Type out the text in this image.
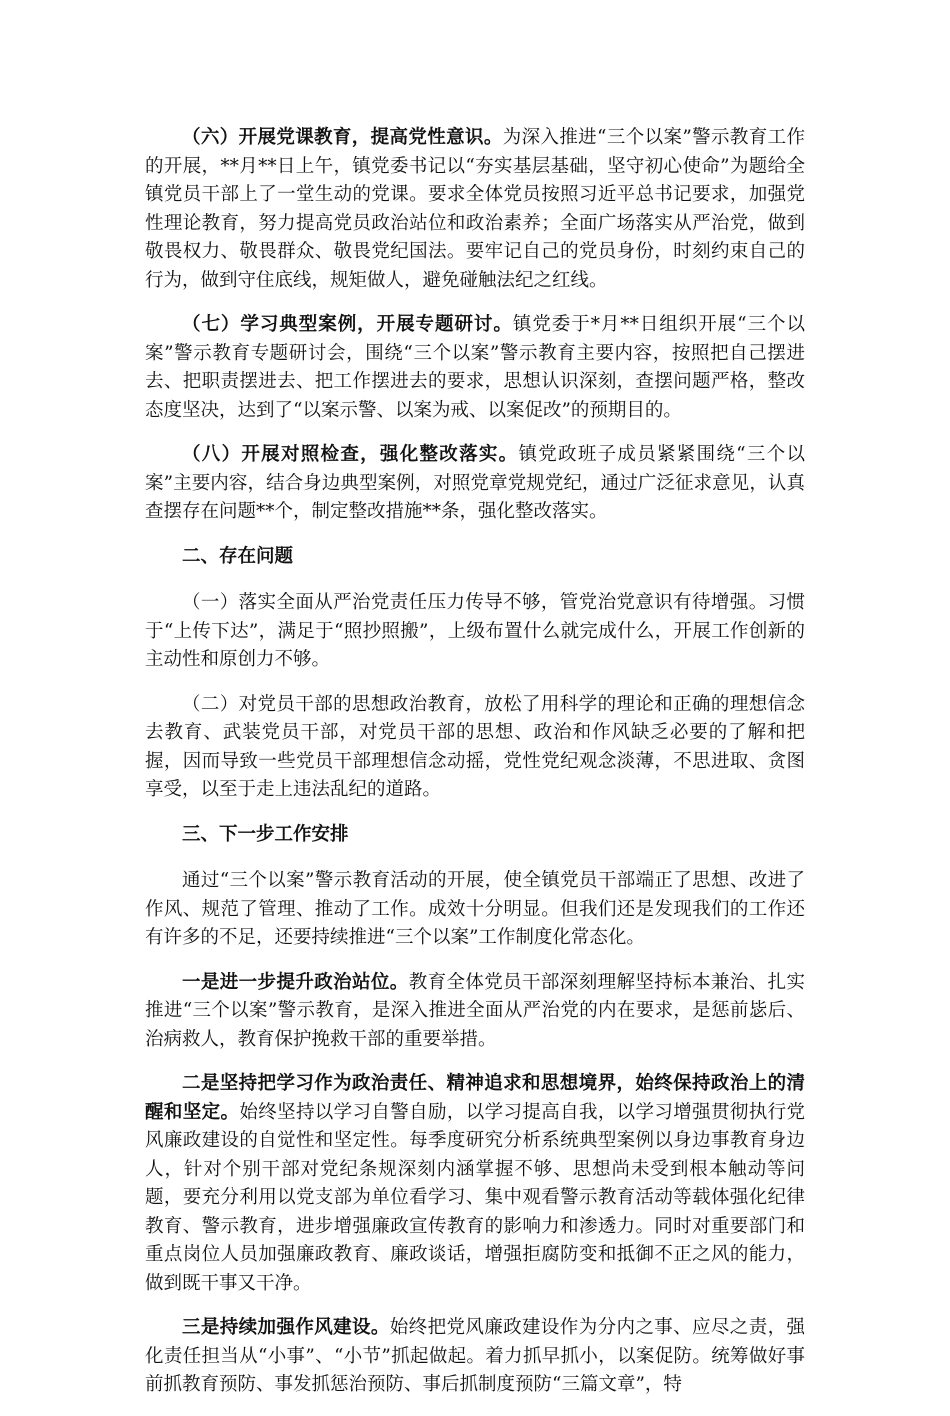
（六）开展党课教育，提高党性意识。为深入推进“三个以案”警示教育工作的开展，**月**日上午，镇党委书记以“夯实基层基础，坚守初心使命”为题给全镇党员干部上了一堂生动的党课。要求全体党员按照习近平总书记要求，加强党性理论教育，努力提高党员政治站位和政治素养；全面广场落实从严治党，做到敬畏权力、敬畏群众、敬畏党纪国法。要牢记自己的党员身份，时刻约束自己的行为，做到守住底线，规矩做人，避免碰触法纪之红线。

（七）学习典型案例，开展专题研讨。镇党委于*月**日组织开展“三个以案”警示教育专题研讨会，围绕“三个以案”警示教育主要内容，按照把自己摆进去、把职责摆进去、把工作摆进去的要求，思想认识深刻，查摆问题严格，整改态度坚决，达到了“以案示警、以案为戒、以案促改”的预期目的。

（八）开展对照检查，强化整改落实。镇党政班子成员紧紧围绕“三个以案”主要内容，结合身边典型案例，对照党章党规党纪，通过广泛征求意见，认真查摆存在问题**个，制定整改措施**条，强化整改落实。

二、存在问题

（一）落实全面从严治党责任压力传导不够，管党治党意识有待增强。习惯于“上传下达”，满足于“照抄照搬”，上级布置什么就完成什么，开展工作创新的主动性和原创力不够。

（二）对党员干部的思想政治教育，放松了用科学的理论和正确的理想信念去教育、武装党员干部，对党员干部的思想、政治和作风缺乏必要的了解和把握，因而导致一些党员干部理想信念动摇，党性党纪观念淡薄，不思进取、贪图享受，以至于走上违法乱纪的道路。

三、下一步工作安排

通过“三个以案”警示教育活动的开展，使全镇党员干部端正了思想、改进了作风、规范了管理、推动了工作。成效十分明显。但我们还是发现我们的工作还有许多的不足，还要持续推进“三个以案”工作制度化常态化。

一是进一步提升政治站位。教育全体党员干部深刻理解坚持标本兼治、扎实推进“三个以案”警示教育，是深入推进全面从严治党的内在要求，是惩前毖后、治病救人，教育保护挽救干部的重要举措。

二是坚持把学习作为政治责任、精神追求和思想境界，始终保持政治上的清醒和坚定。始终坚持以学习自警自励，以学习提高自我，以学习增强贯彻执行党风廉政建设的自觉性和坚定性。每季度研究分析系统典型案例以身边事教育身边人，针对个别干部对党纪条规深刻内涵掌握不够、思想尚未受到根本触动等问题，要充分利用以党支部为单位看学习、集中观看警示教育活动等载体强化纪律教育、警示教育，进步增强廉政宣传教育的影响力和渗透力。同时对重要部门和重点岗位人员加强廉政教育、廉政谈话，增强拒腐防变和抵御不正之风的能力，做到既干事又干净。

三是持续加强作风建设。始终把党风廉政建设作为分内之事、应尽之责，强化责任担当从“小事”、“小节”抓起做起。着力抓早抓小，以案促防。统筹做好事前抓教育预防、事发抓惩治预防、事后抓制度预防“三篇文章”，特
